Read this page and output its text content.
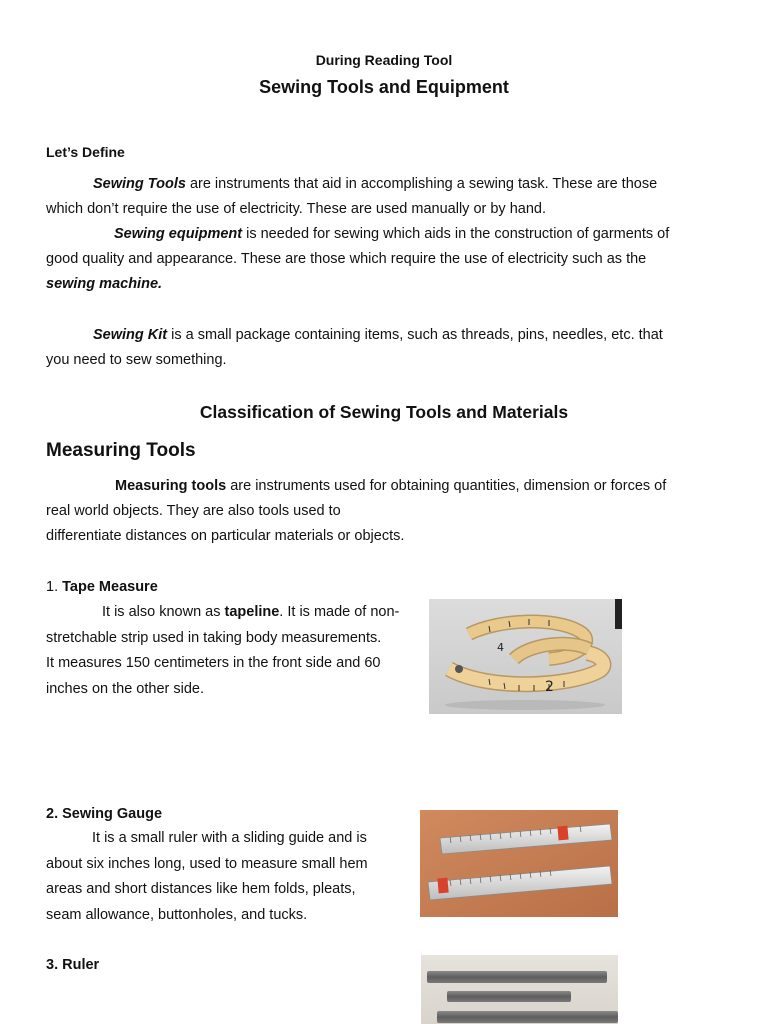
During Reading Tool
Sewing Tools and Equipment
Let’s Define
Sewing Tools are instruments that aid in accomplishing a sewing task. These are those
which don’t require the use of electricity. These are used manually or by hand.
Sewing equipment is needed for sewing which aids in the construction of garments of
good quality and appearance. These are those which require the use of electricity such as the
sewing machine.
Sewing Kit is a small package containing items, such as threads, pins, needles, etc. that
you need to sew something.
Classification of Sewing Tools and Materials
Measuring Tools
Measuring tools are instruments used for obtaining quantities, dimension or forces of
real world objects. They are also tools used to
differentiate distances on particular materials or objects.
1. Tape Measure
It is also known as tapeline. It is made of non-
stretchable strip used in taking body measurements.
It measures 150 centimeters in the front side and 60
inches on the other side.	2
4
2. Sewing Gauge
It is a small ruler with a sliding guide and is
about six inches long, used to measure small hem
areas and short distances like hem folds, pleats,
seam allowance, buttonholes, and tucks.
3. Ruler
